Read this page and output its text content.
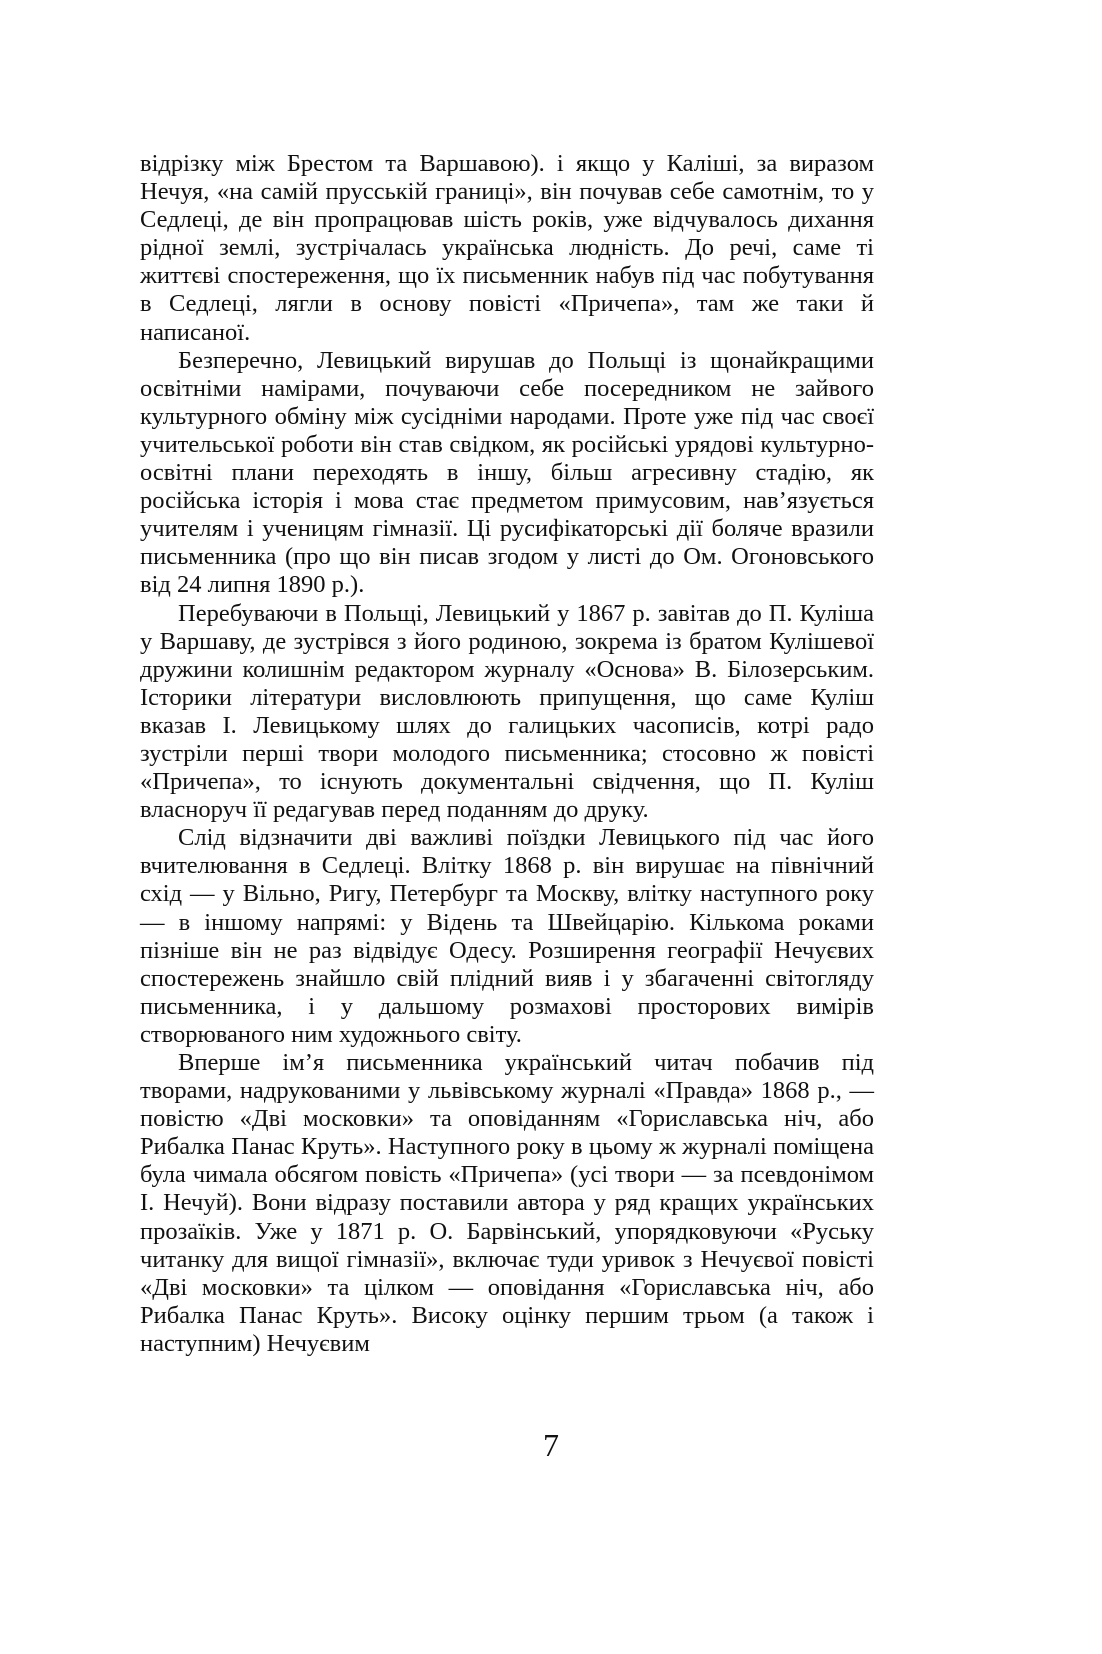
відрізку між Брестом та Варшавою). і якщо у Каліші, за виразом Нечуя, «на самій прусській границі», він почував себе самотнім, то у Седлеці, де він пропрацював шість років, уже відчувалось дихання рідної землі, зустрічалась українська людність. До речі, саме ті життєві спостереження, що їх письменник набув під час побутування в Седлеці, лягли в основу повісті «Причепа», там же таки й написаної.

Безперечно, Левицький вирушав до Польщі із щонайкращими освітніми намірами, почуваючи себе посередником не зайвого культурного обміну між сусідніми народами. Проте уже під час своєї учительської роботи він став свідком, як російські урядові культурно-освітні плани переходять в іншу, більш агресивну стадію, як російська історія і мова стає предметом примусовим, нав’язується учителям і ученицям гімназії. Ці русифікаторські дії боляче вразили письменника (про що він писав згодом у листі до Ом. Огоновського від 24 липня 1890 р.).

Перебуваючи в Польщі, Левицький у 1867 р. завітав до П. Куліша у Варшаву, де зустрівся з його родиною, зокрема із братом Кулішевої дружини колишнім редактором журналу «Основа» В. Білозерським. Історики літератури висловлюють припущення, що саме Куліш вказав І. Левицькому шлях до галицьких часописів, котрі радо зустріли перші твори молодого письменника; стосовно ж повісті «Причепа», то існують документальні свідчення, що П. Куліш власноруч її редагував перед поданням до друку.

Слід відзначити дві важливі поїздки Левицького під час його вчителювання в Седлеці. Влітку 1868 р. він вирушає на північний схід — у Вільно, Ригу, Петербург та Москву, влітку наступного року — в іншому напрямі: у Відень та Швейцарію. Кількома роками пізніше він не раз відвідує Одесу. Розширення географії Нечуєвих спостережень знайшло свій плідний вияв і у збагаченні світогляду письменника, і у дальшому розмахові просторових вимірів створюваного ним художнього світу.

Вперше ім’я письменника український читач побачив під творами, надрукованими у львівському журналі «Правда» 1868 р., — повістю «Дві московки» та оповіданням «Гориславська ніч, або Рибалка Панас Круть». Наступного року в цьому ж журналі поміщена була чимала обсягом повість «Причепа» (усі твори — за псевдонімом І. Нечуй). Вони відразу поставили автора у ряд кращих українських прозаїків. Уже у 1871 р. О. Барвінський, упорядковуючи «Руську читанку для вищої гімназії», включає туди уривок з Нечуєвої повісті «Дві московки» та цілком — оповідання «Гориславська ніч, або Рибалка Панас Круть». Високу оцінку першим трьом (а також і наступним) Нечуєвим

7
